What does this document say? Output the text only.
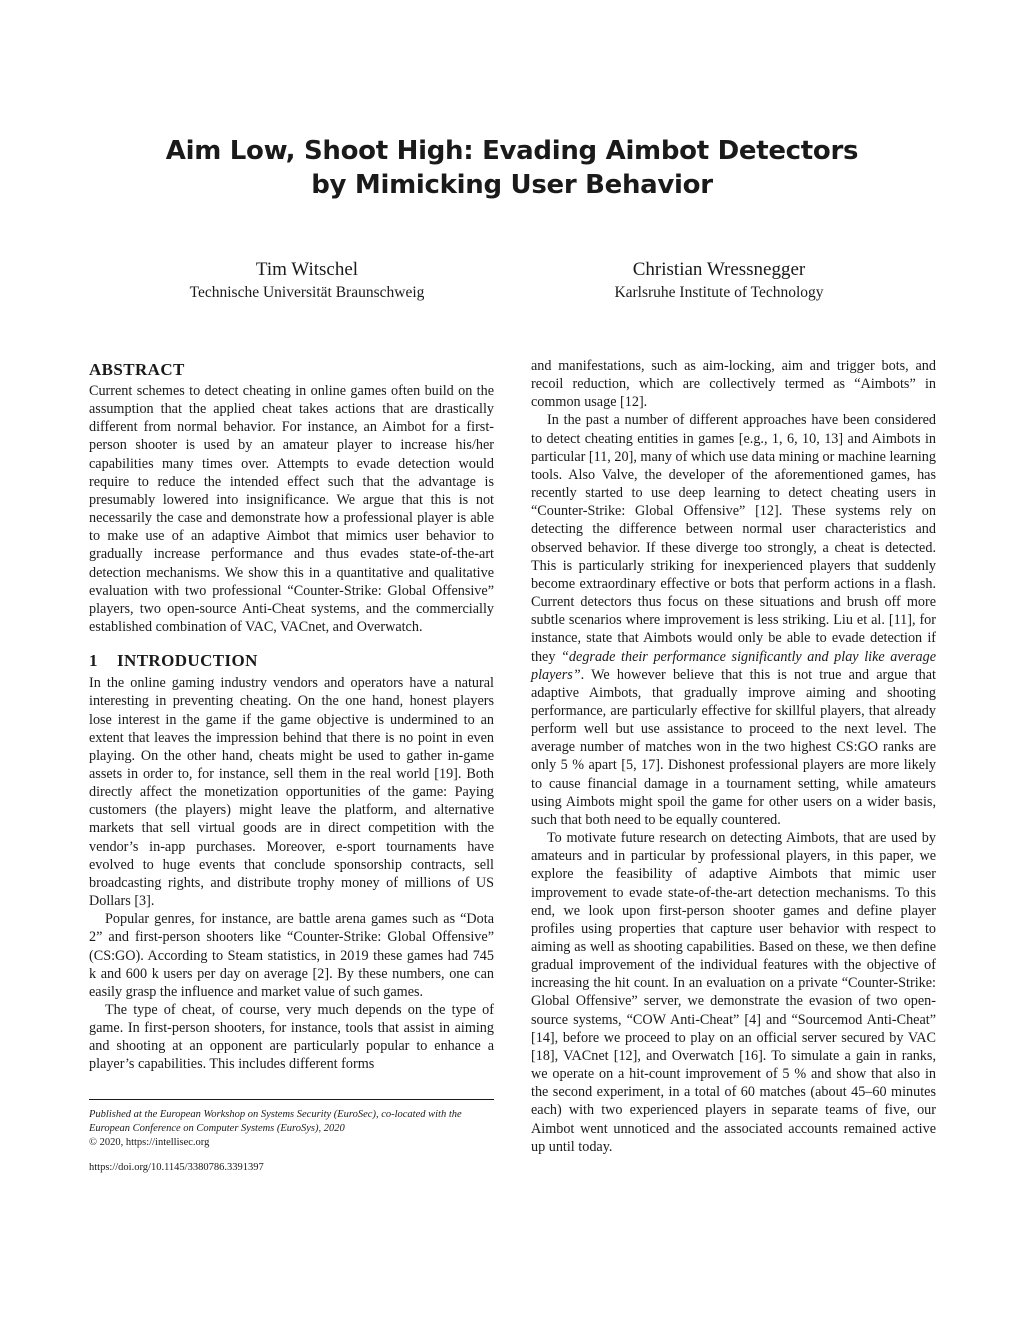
Aim Low, Shoot High: Evading Aimbot Detectors
by Mimicking User Behavior
Tim Witschel
Technische Universität Braunschweig
Christian Wressnegger
Karlsruhe Institute of Technology
ABSTRACT

Current schemes to detect cheating in online games often build on the assumption that the applied cheat takes actions that are drastically different from normal behavior. For instance, an Aimbot for a first-person shooter is used by an amateur player to increase his/her capabilities many times over. Attempts to evade detection would require to reduce the intended effect such that the advantage is presumably lowered into insignificance. We argue that this is not necessarily the case and demonstrate how a professional player is able to make use of an adaptive Aimbot that mimics user behavior to gradually increase performance and thus evades state-of-the-art detection mechanisms. We show this in a quantitative and qualitative evaluation with two professional “Counter-Strike: Global Offensive” players, two open-source Anti-Cheat systems, and the commercially established combination of VAC, VACnet, and Overwatch.

1 INTRODUCTION

In the online gaming industry vendors and operators have a natural interesting in preventing cheating. On the one hand, honest players lose interest in the game if the game objective is undermined to an extent that leaves the impression behind that there is no point in even playing. On the other hand, cheats might be used to gather in-game assets in order to, for instance, sell them in the real world [19]. Both directly affect the monetization opportunities of the game: Paying customers (the players) might leave the platform, and alternative markets that sell virtual goods are in direct competition with the vendor’s in-app purchases. Moreover, e-sport tournaments have evolved to huge events that conclude sponsorship contracts, sell broadcasting rights, and distribute trophy money of millions of US Dollars [3].

Popular genres, for instance, are battle arena games such as “Dota 2” and first-person shooters like “Counter-Strike: Global Offensive” (CS:GO). According to Steam statistics, in 2019 these games had 745 k and 600 k users per day on average [2]. By these numbers, one can easily grasp the influence and market value of such games.

The type of cheat, of course, very much depends on the type of game. In first-person shooters, for instance, tools that assist in aiming and shooting at an opponent are particularly popular to enhance a player’s capabilities. This includes different forms

Published at the European Workshop on Systems Security (EuroSec), co-located with the European Conference on Computer Systems (EuroSys), 2020

© 2020, https://intellisec.org

https://doi.org/10.1145/3380786.3391397

and manifestations, such as aim-locking, aim and trigger bots, and recoil reduction, which are collectively termed as “Aimbots” in common usage [12].

In the past a number of different approaches have been considered to detect cheating entities in games [e.g., 1, 6, 10, 13] and Aimbots in particular [11, 20], many of which use data mining or machine learning tools. Also Valve, the developer of the aforementioned games, has recently started to use deep learning to detect cheating users in “Counter-Strike: Global Offensive” [12]. These systems rely on detecting the difference between normal user characteristics and observed behavior. If these diverge too strongly, a cheat is detected. This is particularly striking for inexperienced players that suddenly become extraordinary effective or bots that perform actions in a flash. Current detectors thus focus on these situations and brush off more subtle scenarios where improvement is less striking. Liu et al. [11], for instance, state that Aimbots would only be able to evade detection if they “degrade their performance significantly and play like average players”. We however believe that this is not true and argue that adaptive Aimbots, that gradually improve aiming and shooting performance, are particularly effective for skillful players, that already perform well but use assistance to proceed to the next level. The average number of matches won in the two highest CS:GO ranks are only 5 % apart [5, 17]. Dishonest professional players are more likely to cause financial damage in a tournament setting, while amateurs using Aimbots might spoil the game for other users on a wider basis, such that both need to be equally countered.

To motivate future research on detecting Aimbots, that are used by amateurs and in particular by professional players, in this paper, we explore the feasibility of adaptive Aimbots that mimic user improvement to evade state-of-the-art detection mechanisms. To this end, we look upon first-person shooter games and define player profiles using properties that capture user behavior with respect to aiming as well as shooting capabilities. Based on these, we then define gradual improvement of the individual features with the objective of increasing the hit count. In an evaluation on a private “Counter-Strike: Global Offensive” server, we demonstrate the evasion of two open-source systems, “COW Anti-Cheat” [4] and “Sourcemod Anti-Cheat” [14], before we proceed to play on an official server secured by VAC [18], VACnet [12], and Overwatch [16]. To simulate a gain in ranks, we operate on a hit-count improvement of 5 % and show that also in the second experiment, in a total of 60 matches (about 45–60 minutes each) with two experienced players in separate teams of five, our Aimbot went unnoticed and the associated accounts remained active up until today.
